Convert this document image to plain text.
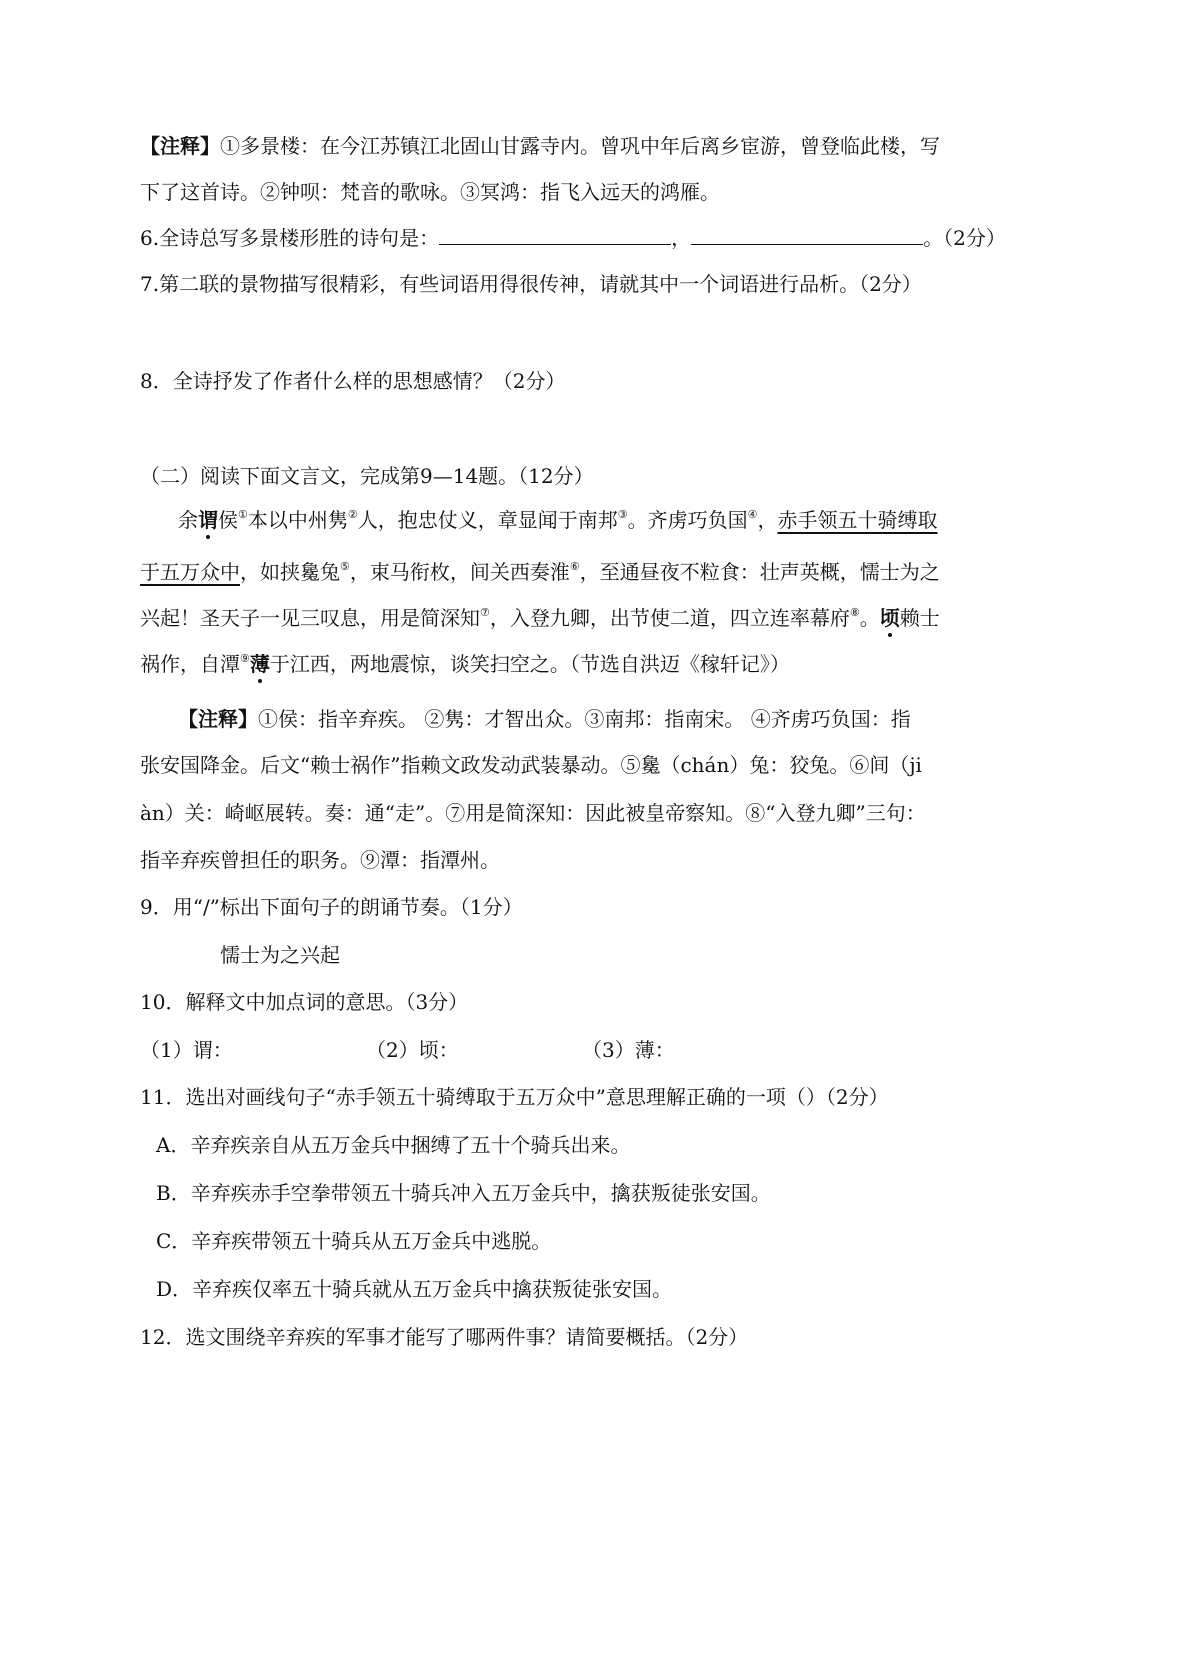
【注释】①多景楼：在今江苏镇江北固山甘露寺内。曾巩中年后离乡宦游，曾登临此楼，写
下了这首诗。②钟呗：梵音的歌咏。③冥鸿：指飞入远天的鸿雁。
6.全诗总写多景楼形胜的诗句是：	，	。（2分）
7.第二联的景物描写很精彩，有些词语用得很传神，请就其中一个词语进行品析。（2分）
8．全诗抒发了作者什么样的思想感情？（2分）
（二）阅读下面文言文，完成第9—14题。（12分）
余谓侯①本以中州隽②人，抱忠仗义，章显闻于南邦③。齐虏巧负国④，赤手领五十骑缚取
于五万众中，如挟毚兔⑤，束马衔枚，间关西奏淮⑥，至通昼夜不粒食：壮声英概，懦士为之
兴起！圣天子一见三叹息，用是简深知⑦，入登九卿，出节使二道，四立连率幕府⑧。顷赖士
祸作，自潭⑨薄于江西，两地震惊，谈笑扫空之。（节选自洪迈《稼轩记》）
【注释】①侯：指辛弃疾。 ②隽：才智出众。③南邦：指南宋。 ④齐虏巧负国：指
张安国降金。后文“赖士祸作”指赖文政发动武装暴动。⑤毚（chán）兔：狡兔。⑥间（ji
àn）关：崎岖展转。奏：通“走”。⑦用是简深知：因此被皇帝察知。⑧“入登九卿”三句：
指辛弃疾曾担任的职务。⑨潭：指潭州。
9．用“/”标出下面句子的朗诵节奏。（1分）
懦士为之兴起
10．解释文中加点词的意思。（3分）
（1）谓：	（2）顷：	（3）薄：
11．选出对画线句子“赤手领五十骑缚取于五万众中”意思理解正确的一项（）（2分）
A．辛弃疾亲自从五万金兵中捆缚了五十个骑兵出来。
B．辛弃疾赤手空拳带领五十骑兵冲入五万金兵中，擒获叛徒张安国。
C．辛弃疾带领五十骑兵从五万金兵中逃脱。
D．辛弃疾仅率五十骑兵就从五万金兵中擒获叛徒张安国。
12．选文围绕辛弃疾的军事才能写了哪两件事？请简要概括。（2分）
